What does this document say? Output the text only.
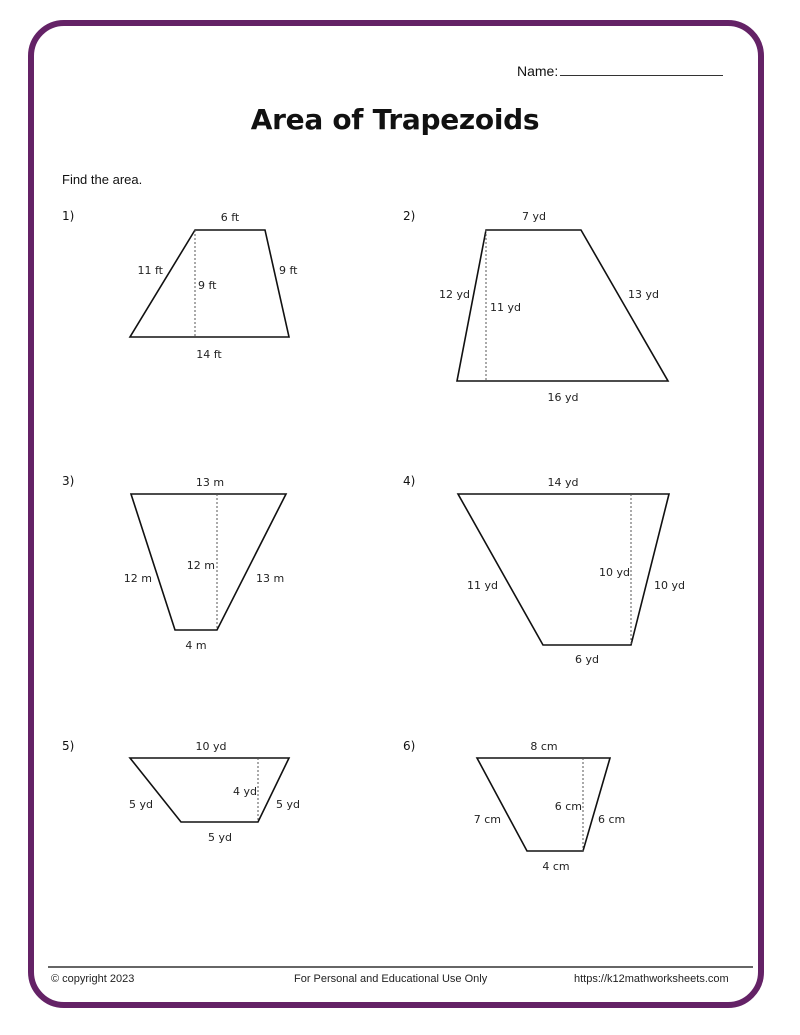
Name:
Area of Trapezoids
Find the area.
1)	2)
3)	4)
5)	6)
6 ft
14 ft
11 ft	9 ft
9 ft
7 yd
16 yd
12 yd	13 yd
11 yd
13 m
4 m
12 m	13 m
12 m
14 yd
6 yd
11 yd	10 yd
10 yd
10 yd
5 yd
5 yd	5 yd
4 yd
8 cm
4 cm
7 cm	6 cm
6 cm
© copyright 2023	For Personal and Educational Use Only	https://k12mathworksheets.com
